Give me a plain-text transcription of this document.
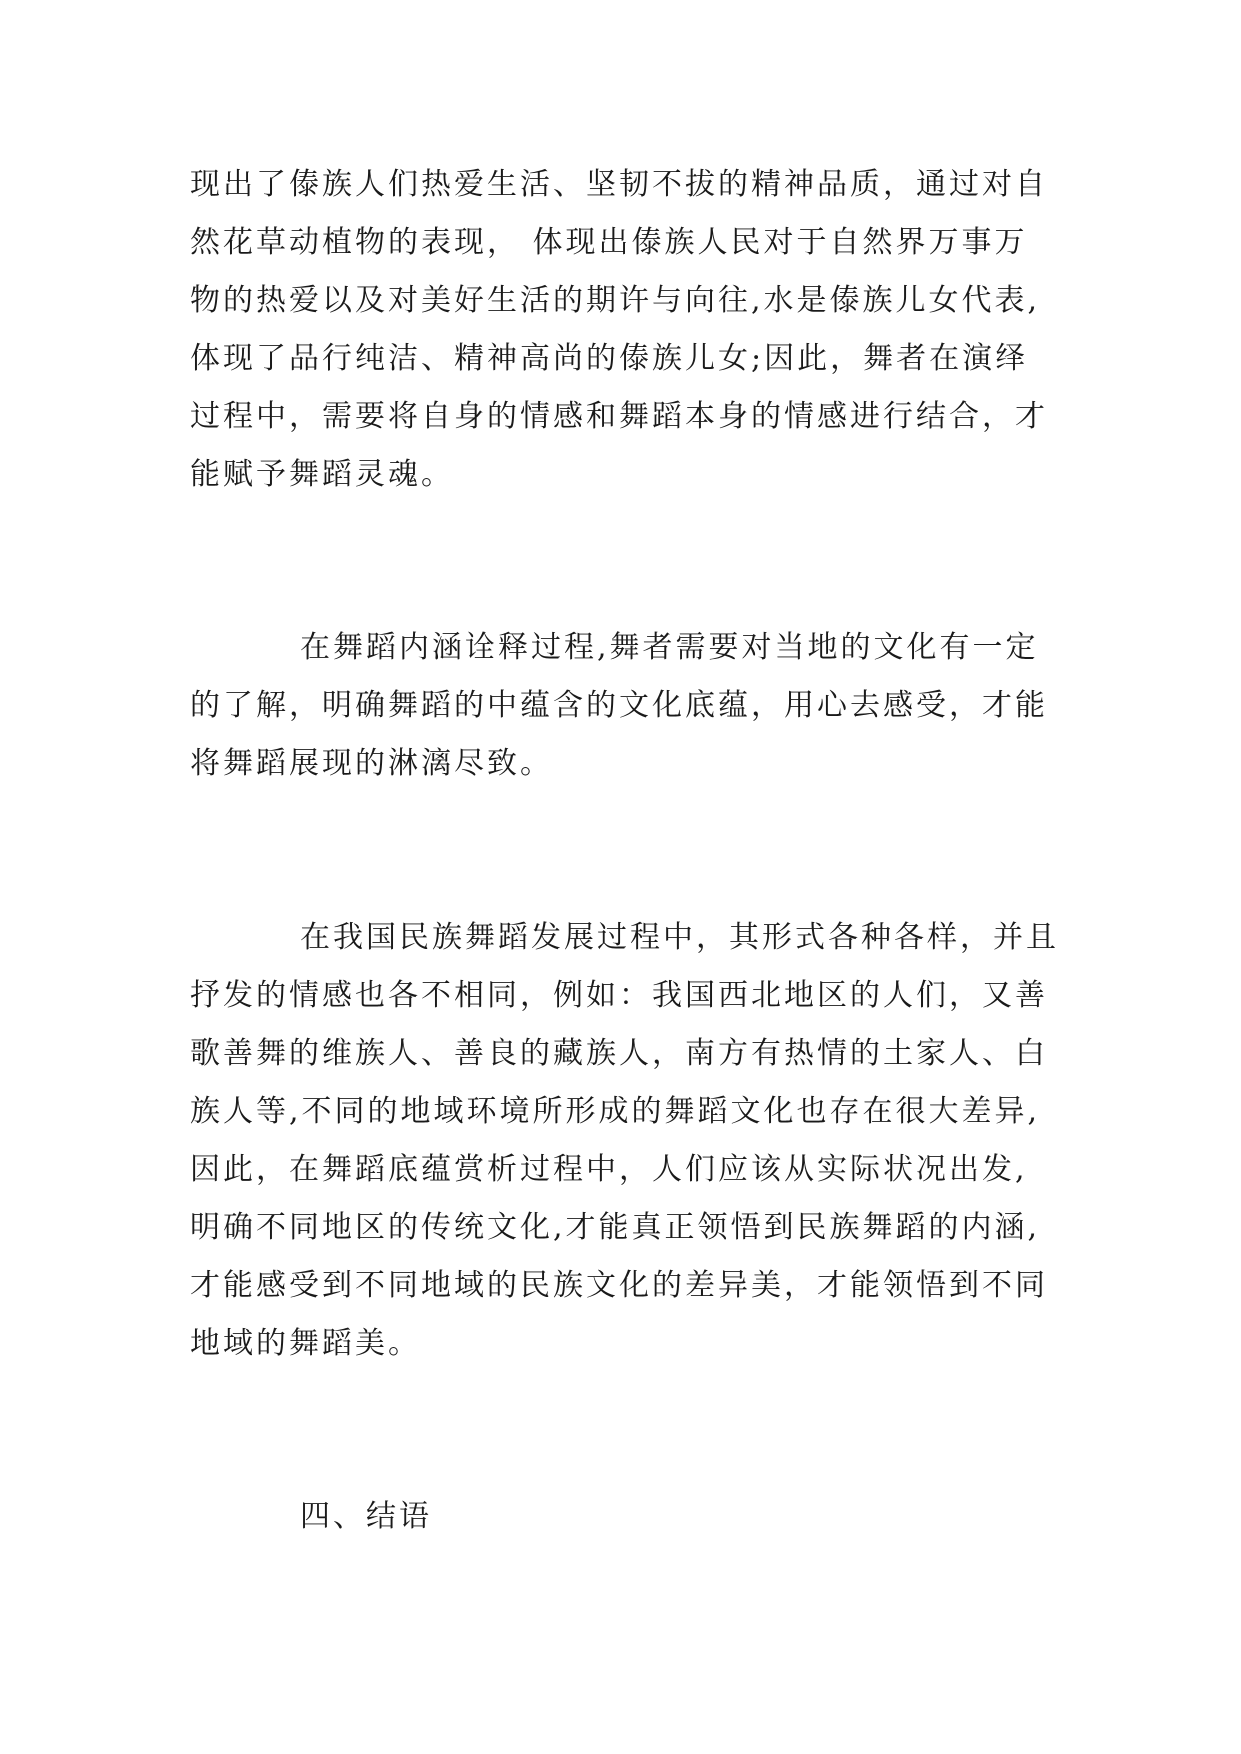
现出了傣族人们热爱生活、坚韧不拔的精神品质，通过对自
然花草动植物的表现， 体现出傣族人民对于自然界万事万
物的热爱以及对美好生活的期许与向往,水是傣族儿女代表,
体现了品行纯洁、精神高尚的傣族儿女;因此，舞者在演绎
过程中，需要将自身的情感和舞蹈本身的情感进行结合，才
能赋予舞蹈灵魂。
在舞蹈内涵诠释过程,舞者需要对当地的文化有一定
的了解，明确舞蹈的中蕴含的文化底蕴，用心去感受，才能
将舞蹈展现的淋漓尽致。
在我国民族舞蹈发展过程中，其形式各种各样，并且
抒发的情感也各不相同，例如：我国西北地区的人们，又善
歌善舞的维族人、善良的藏族人，南方有热情的土家人、白
族人等,不同的地域环境所形成的舞蹈文化也存在很大差异,
因此，在舞蹈底蕴赏析过程中，人们应该从实际状况出发,
明确不同地区的传统文化,才能真正领悟到民族舞蹈的内涵,
才能感受到不同地域的民族文化的差异美，才能领悟到不同
地域的舞蹈美。
四、结语
